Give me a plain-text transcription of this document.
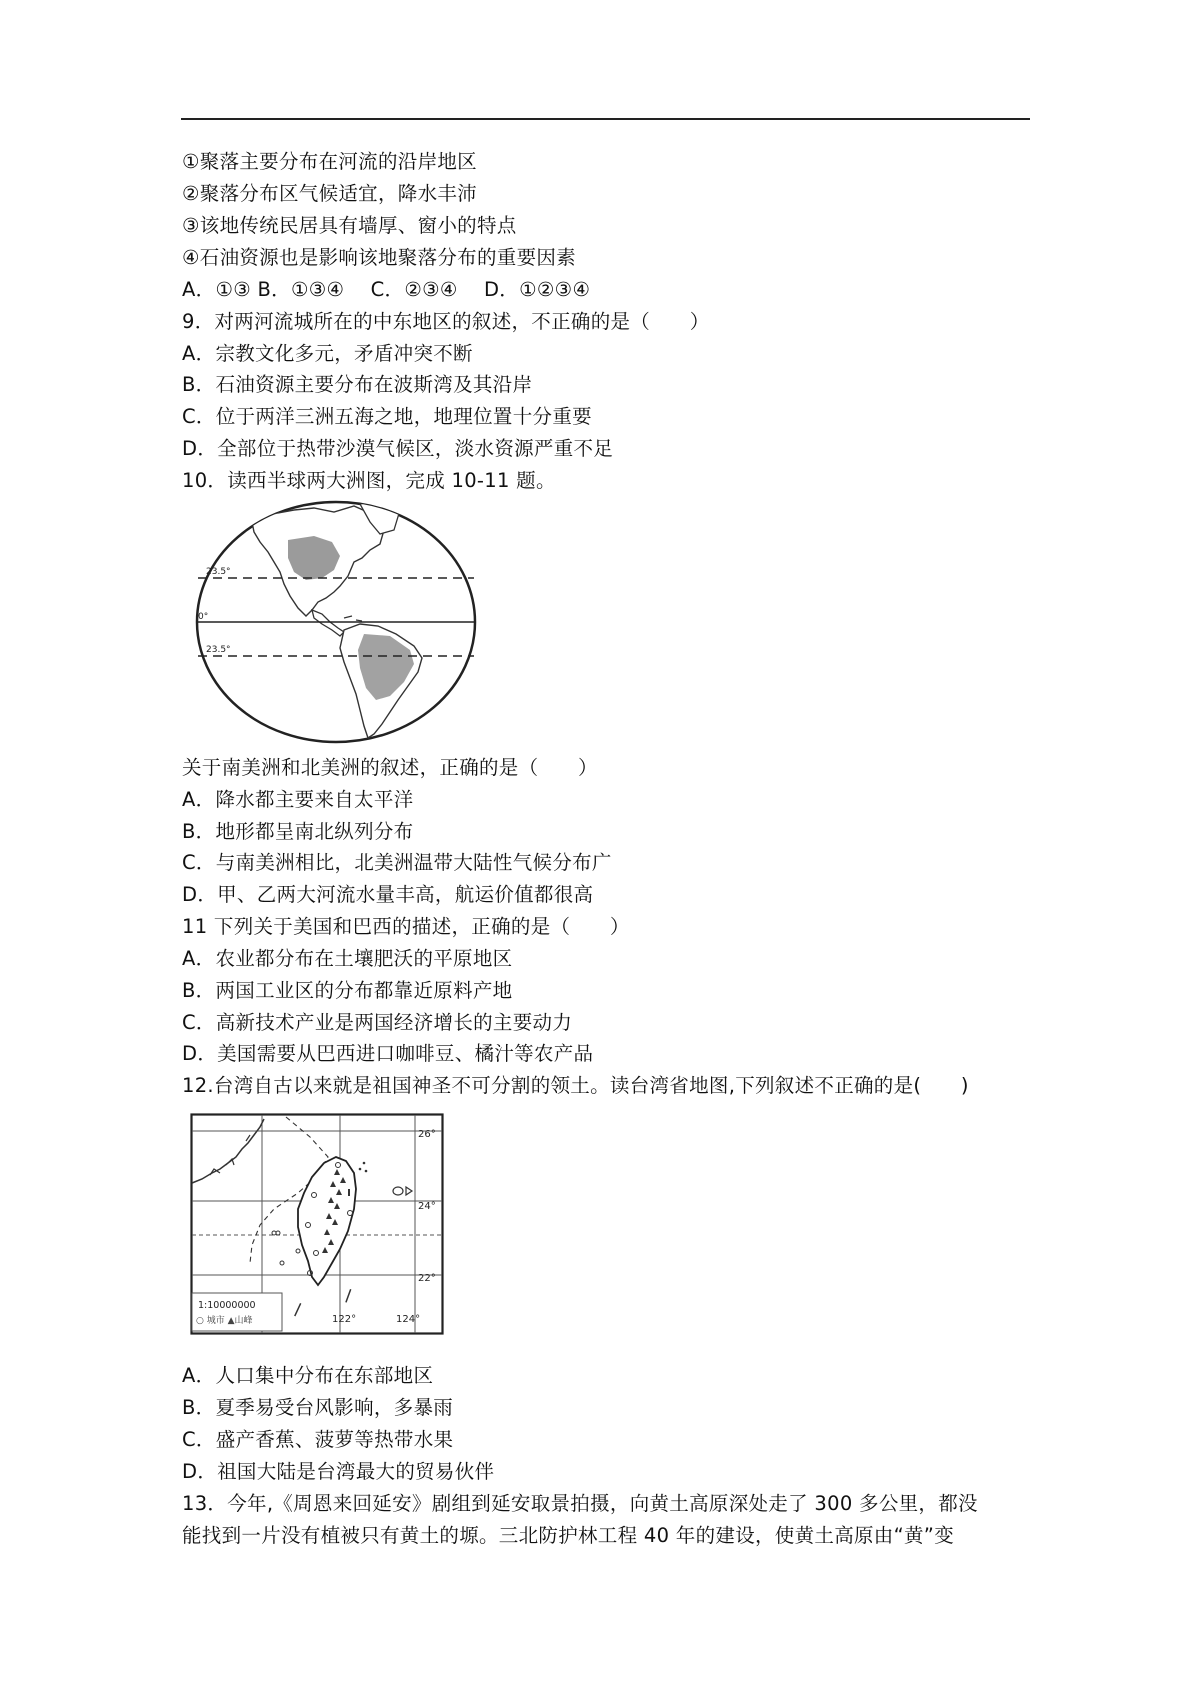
①聚落主要分布在河流的沿岸地区
②聚落分布区气候适宜，降水丰沛
③该地传统民居具有墙厚、窗小的特点
④石油资源也是影响该地聚落分布的重要因素
A．①③ B．①③④　 C．②③④　 D．①②③④
9．对两河流城所在的中东地区的叙述，不正确的是（　　）
A．宗教文化多元，矛盾冲突不断
B．石油资源主要分布在波斯湾及其沿岸
C．位于两洋三洲五海之地，地理位置十分重要
D．全部位于热带沙漠气候区，淡水资源严重不足
10．读西半球两大洲图，完成 10-11 题。
23.5°
0°
23.5°
关于南美洲和北美洲的叙述，正确的是（　　）
A．降水都主要来自太平洋
B．地形都呈南北纵列分布
C．与南美洲相比，北美洲温带大陆性气候分布广
D．甲、乙两大河流水量丰高，航运价值都很高
11 下列关于美国和巴西的描述，正确的是（　　）
A．农业都分布在土壤肥沃的平原地区
B．两国工业区的分布都靠近原料产地
C．高新技术产业是两国经济增长的主要动力
D．美国需要从巴西进口咖啡豆、橘汁等农产品
12.台湾自古以来就是祖国神圣不可分割的领土。读台湾省地图,下列叙述不正确的是(　　)
26°
24°
22°
122°	124°
1:10000000
○ 城市 ▲山峰
A．人口集中分布在东部地区
B．夏季易受台风影响，多暴雨
C．盛产香蕉、菠萝等热带水果
D．祖国大陆是台湾最大的贸易伙伴
13．今年,《周恩来回延安》剧组到延安取景拍摄，向黄土高原深处走了 300 多公里，都没
能找到一片没有植被只有黄土的塬。三北防护林工程 40 年的建设，使黄土高原由“黄”变
